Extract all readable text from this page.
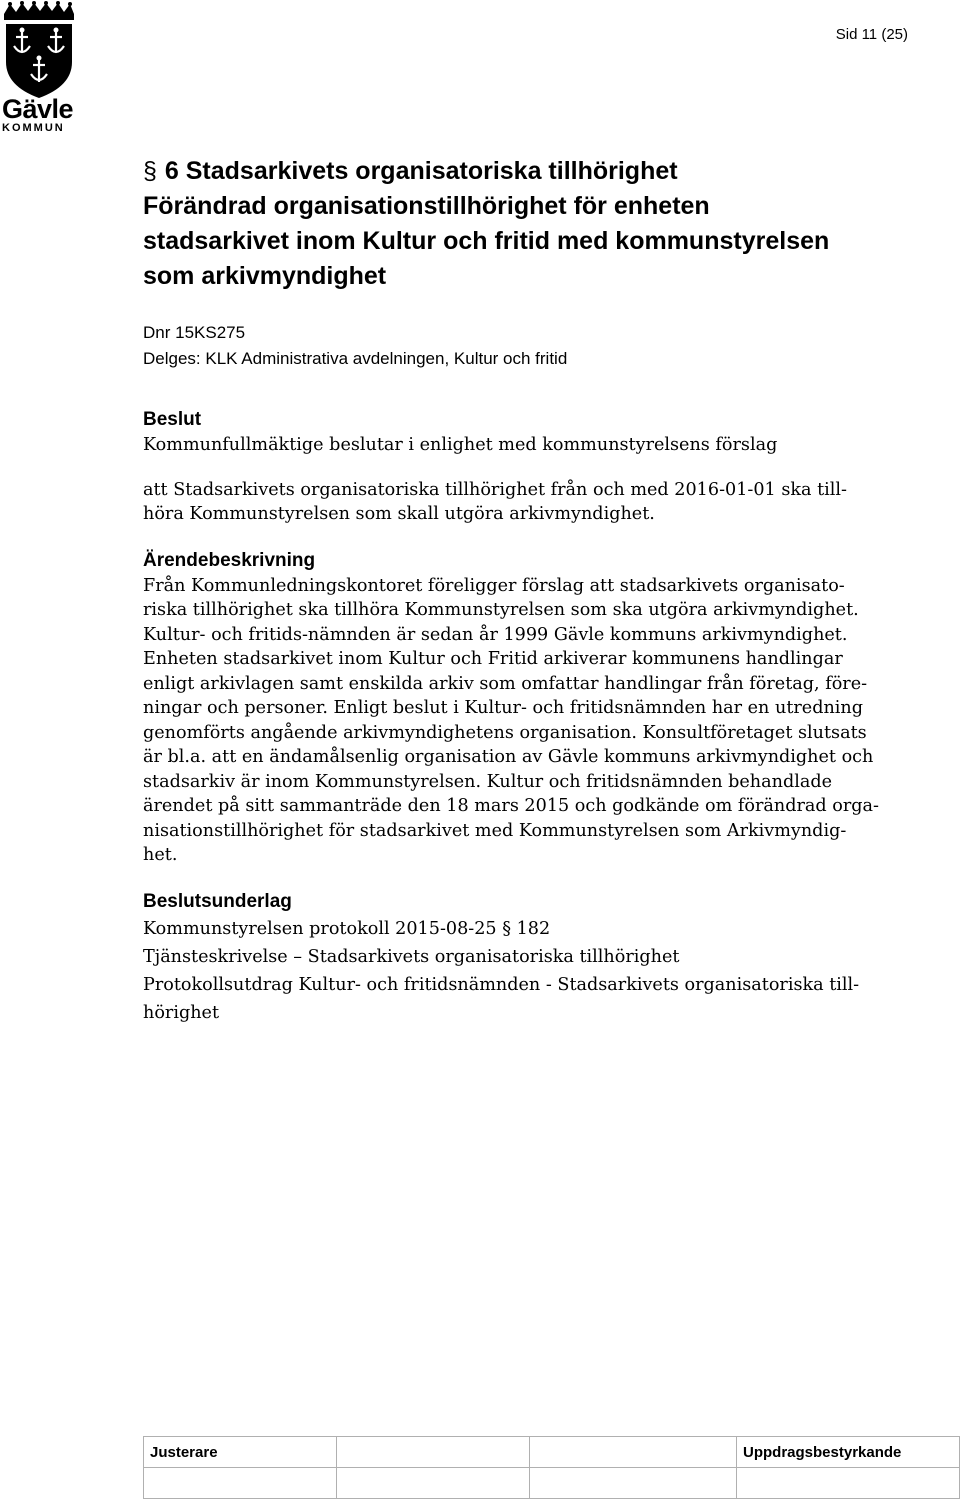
Gävle
KOMMUN
Sid 11 (25)
§ 6 Stadsarkivets organisatoriska tillhörighet
Förändrad organisationstillhörighet för enheten
stadsarkivet inom Kultur och fritid med kommunstyrelsen
som arkivmyndighet
Dnr 15KS275
Delges: KLK Administrativa avdelningen, Kultur och fritid
Beslut

Kommunfullmäktige beslutar i enlighet med kommunstyrelsens förslag

att Stadsarkivets organisatoriska tillhörighet från och med 2016-01-01 ska till-
höra Kommunstyrelsen som skall utgöra arkivmyndighet.

Ärendebeskrivning

Från Kommunledningskontoret föreligger förslag att stadsarkivets organisato-
riska tillhörighet ska tillhöra Kommunstyrelsen som ska utgöra arkivmyndighet.
Kultur- och fritids-nämnden är sedan år 1999 Gävle kommuns arkivmyndighet.
Enheten stadsarkivet inom Kultur och Fritid arkiverar kommunens handlingar
enligt arkivlagen samt enskilda arkiv som omfattar handlingar från företag, före-
ningar och personer. Enligt beslut i Kultur- och fritidsnämnden har en utredning
genomförts angående arkivmyndighetens organisation. Konsultföretaget slutsats
är bl.a. att en ändamålsenlig organisation av Gävle kommuns arkivmyndighet och
stadsarkiv är inom Kommunstyrelsen. Kultur och fritidsnämnden behandlade
ärendet på sitt sammanträde den 18 mars 2015 och godkände om förändrad orga-
nisationstillhörighet för stadsarkivet med Kommunstyrelsen som Arkivmyndig-
het.

Beslutsunderlag
Kommunstyrelsen protokoll 2015-08-25 § 182
Tjänsteskrivelse – Stadsarkivets organisatoriska tillhörighet
Protokollsutdrag Kultur- och fritidsnämnden - Stadsarkivets organisatoriska till-
hörighet
Justerare			Uppdragsbestyrkande
